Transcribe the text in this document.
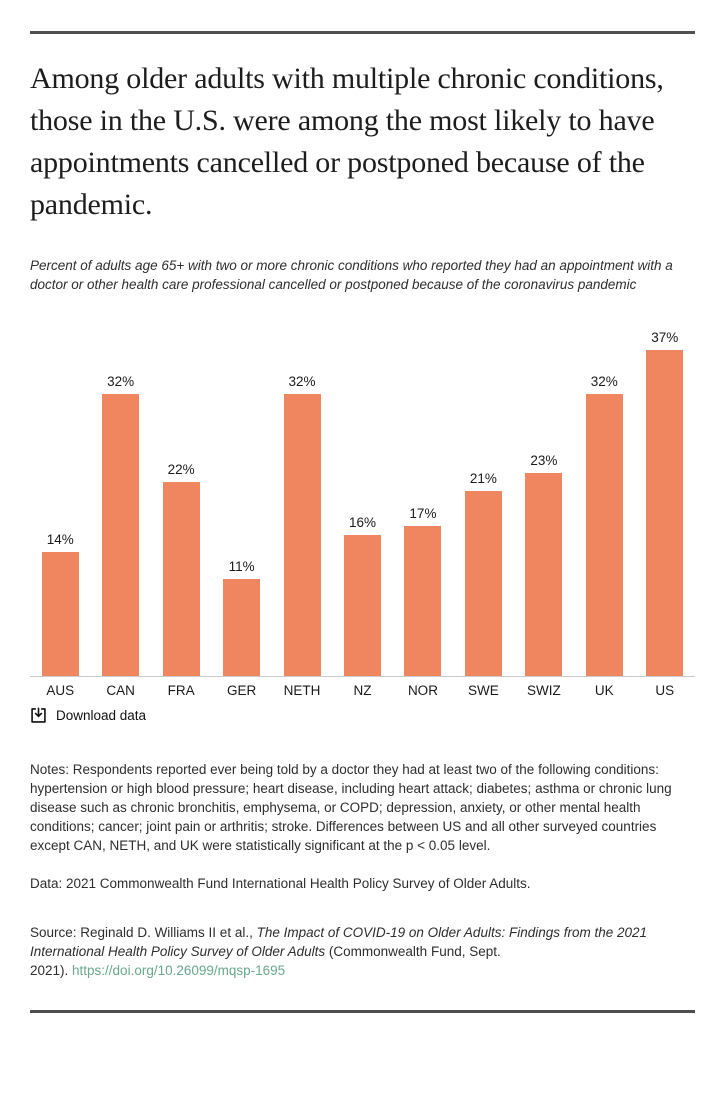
Among older adults with multiple chronic conditions, those in the U.S. were among the most likely to have appointments cancelled or postponed because of the pandemic.

Percent of adults age 65+ with two or more chronic conditions who reported they had an appointment with a doctor or other health care professional cancelled or postponed because of the coronavirus pandemic

14%
32%
22%
11%
32%
16%
17%
21%
23%
32%
37%
AUS	CAN	FRA	GER	NETH	NZ	NOR	SWE	SWIZ	UK	US
Download data

Notes: Respondents reported ever being told by a doctor they had at least two of the following conditions: hypertension or high blood pressure; heart disease, including heart attack; diabetes; asthma or chronic lung disease such as chronic bronchitis, emphysema, or COPD; depression, anxiety, or other mental health conditions; cancer; joint pain or arthritis; stroke. Differences between US and all other surveyed countries except CAN, NETH, and UK were statistically significant at the p < 0.05 level.

Data: 2021 Commonwealth Fund International Health Policy Survey of Older Adults.

Source: Reginald D. Williams II et al., The Impact of COVID-19 on Older Adults: Findings from the 2021 International Health Policy Survey of Older Adults (Commonwealth Fund, Sept.
2021). https://doi.org/10.26099/mqsp-1695
